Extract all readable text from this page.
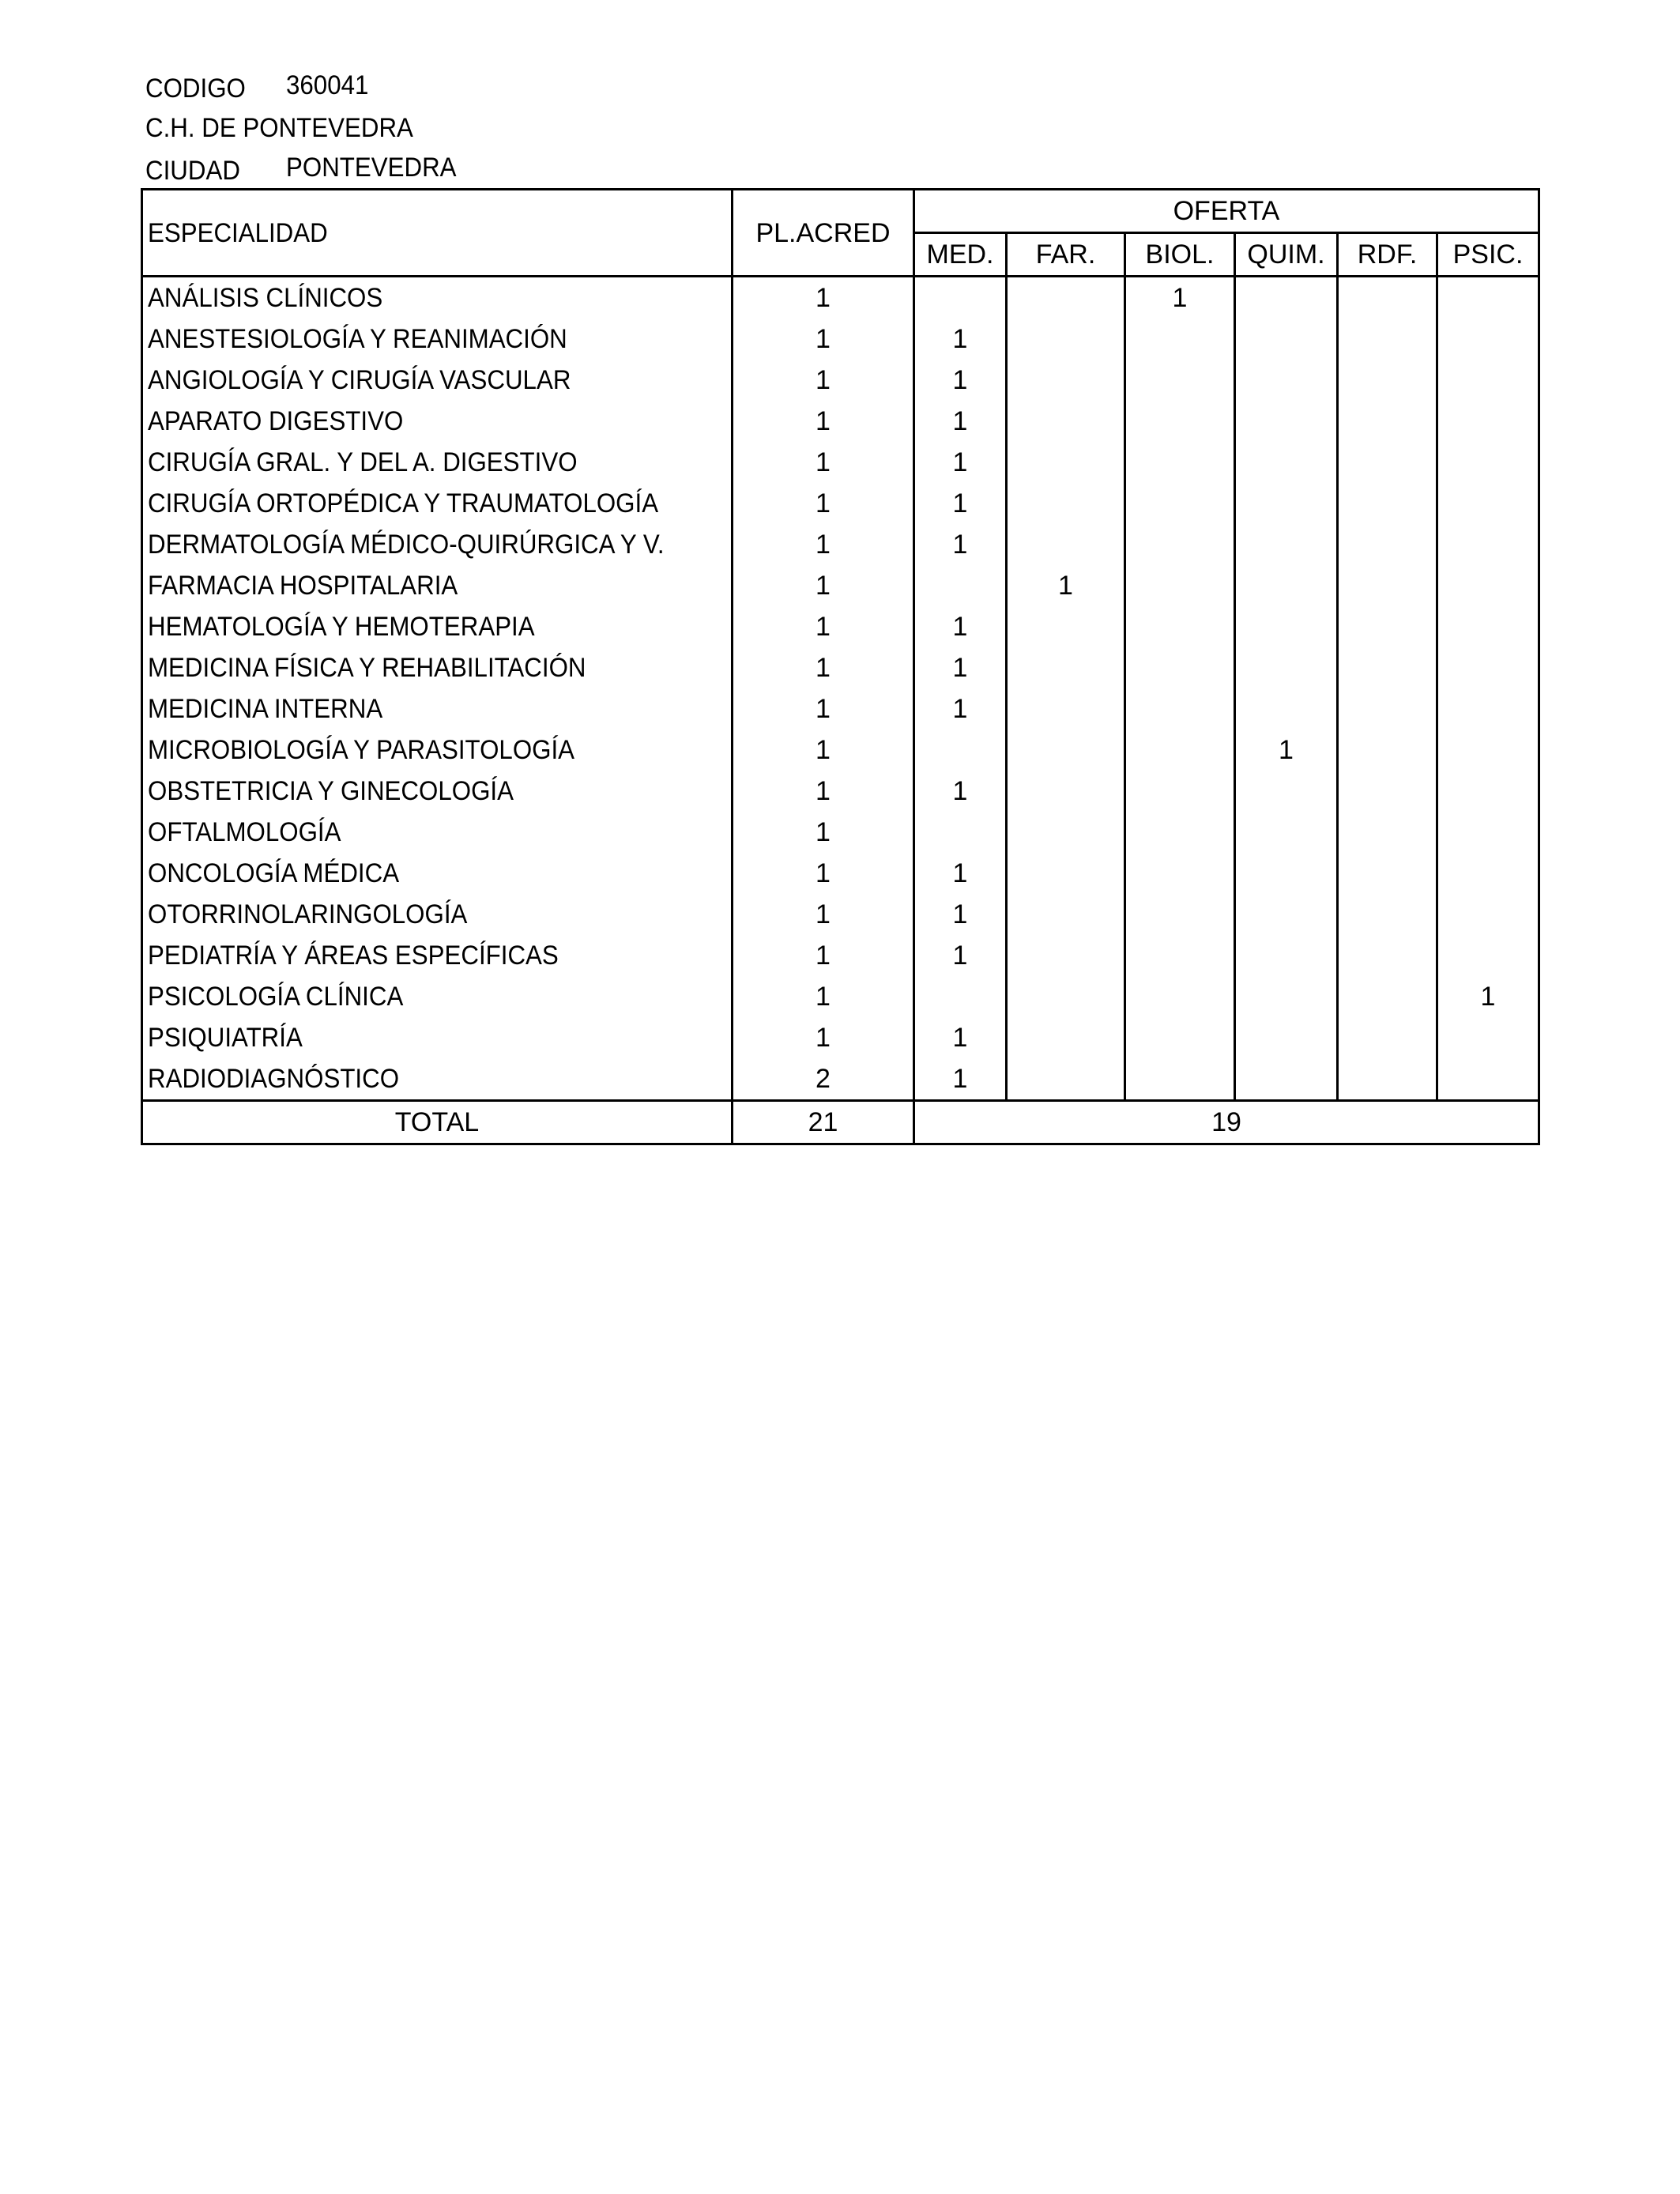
CODIGO 360041
C.H. DE PONTEVEDRA
CIUDAD PONTEVEDRA
ESPECIALIDAD	PL.ACRED	OFERTA					
		MED.	FAR.	BIOL.	QUIM.	RDF.	PSIC.
ANÁLISIS CLÍNICOS	1			1			
ANESTESIOLOGÍA Y REANIMACIÓN	1	1					
ANGIOLOGÍA Y CIRUGÍA VASCULAR	1	1					
APARATO DIGESTIVO	1	1					
CIRUGÍA GRAL. Y DEL A. DIGESTIVO	1	1					
CIRUGÍA ORTOPÉDICA Y TRAUMATOLOGÍA	1	1					
DERMATOLOGÍA MÉDICO-QUIRÚRGICA Y V.	1	1					
FARMACIA HOSPITALARIA	1		1				
HEMATOLOGÍA Y HEMOTERAPIA	1	1					
MEDICINA FÍSICA Y REHABILITACIÓN	1	1					
MEDICINA INTERNA	1	1					
MICROBIOLOGÍA Y PARASITOLOGÍA	1				1		
OBSTETRICIA Y GINECOLOGÍA	1	1					
OFTALMOLOGÍA	1						
ONCOLOGÍA MÉDICA	1	1					
OTORRINOLARINGOLOGÍA	1	1					
PEDIATRÍA Y ÁREAS ESPECÍFICAS	1	1					
PSICOLOGÍA CLÍNICA	1						1
PSIQUIATRÍA	1	1					
RADIODIAGNÓSTICO	2	1					
TOTAL	21	19					
